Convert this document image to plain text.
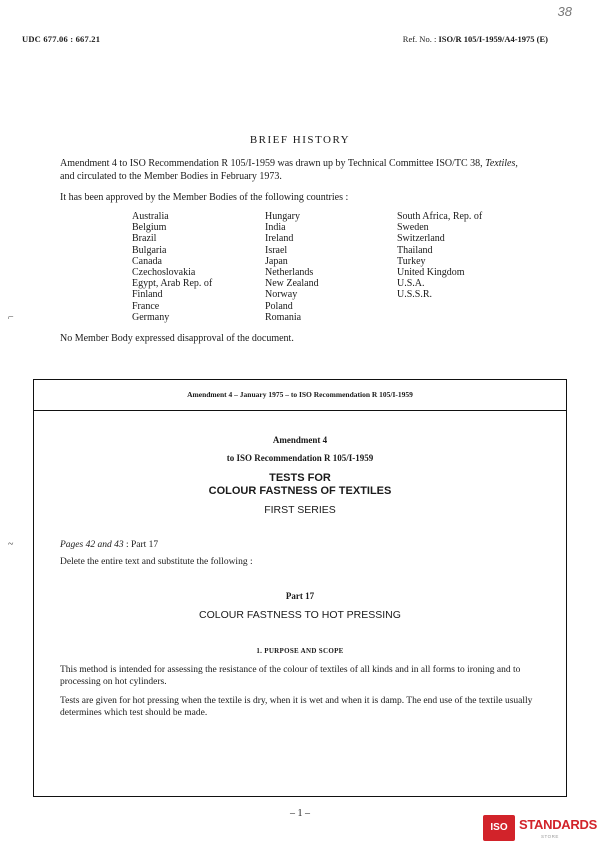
38
UDC 677.06 : 667.21	Ref. No. : ISO/R 105/I-1959/A4-1975 (E)
BRIEF HISTORY
Amendment 4 to ISO Recommendation R 105/I-1959 was drawn up by Technical Committee ISO/TC 38, Textiles, and circulated to the Member Bodies in February 1973.
It has been approved by the Member Bodies of the following countries :
Australia
Belgium
Brazil
Bulgaria
Canada
Czechoslovakia
Egypt, Arab Rep. of
Finland
France
Germany
Hungary
India
Ireland
Israel
Japan
Netherlands
New Zealand
Norway
Poland
Romania
South Africa, Rep. of
Sweden
Switzerland
Thailand
Turkey
United Kingdom
U.S.A.
U.S.S.R.
⌐
No Member Body expressed disapproval of the document.
Amendment 4 – January 1975 – to ISO Recommendation R 105/I-1959
Amendment 4
to ISO Recommendation R 105/I-1959
TESTS FOR
COLOUR FASTNESS OF TEXTILES
FIRST SERIES
~	Pages 42 and 43 : Part 17
Delete the entire text and substitute the following :
Part 17
COLOUR FASTNESS TO HOT PRESSING
1. PURPOSE AND SCOPE
This method is intended for assessing the resistance of the colour of textiles of all kinds and in all forms to ironing and to processing on hot cylinders.
Tests are given for hot pressing when the textile is dry, when it is wet and when it is damp. The end use of the textile usually determines which test should be made.
– 1 –
ISO STANDARDS
STORE
